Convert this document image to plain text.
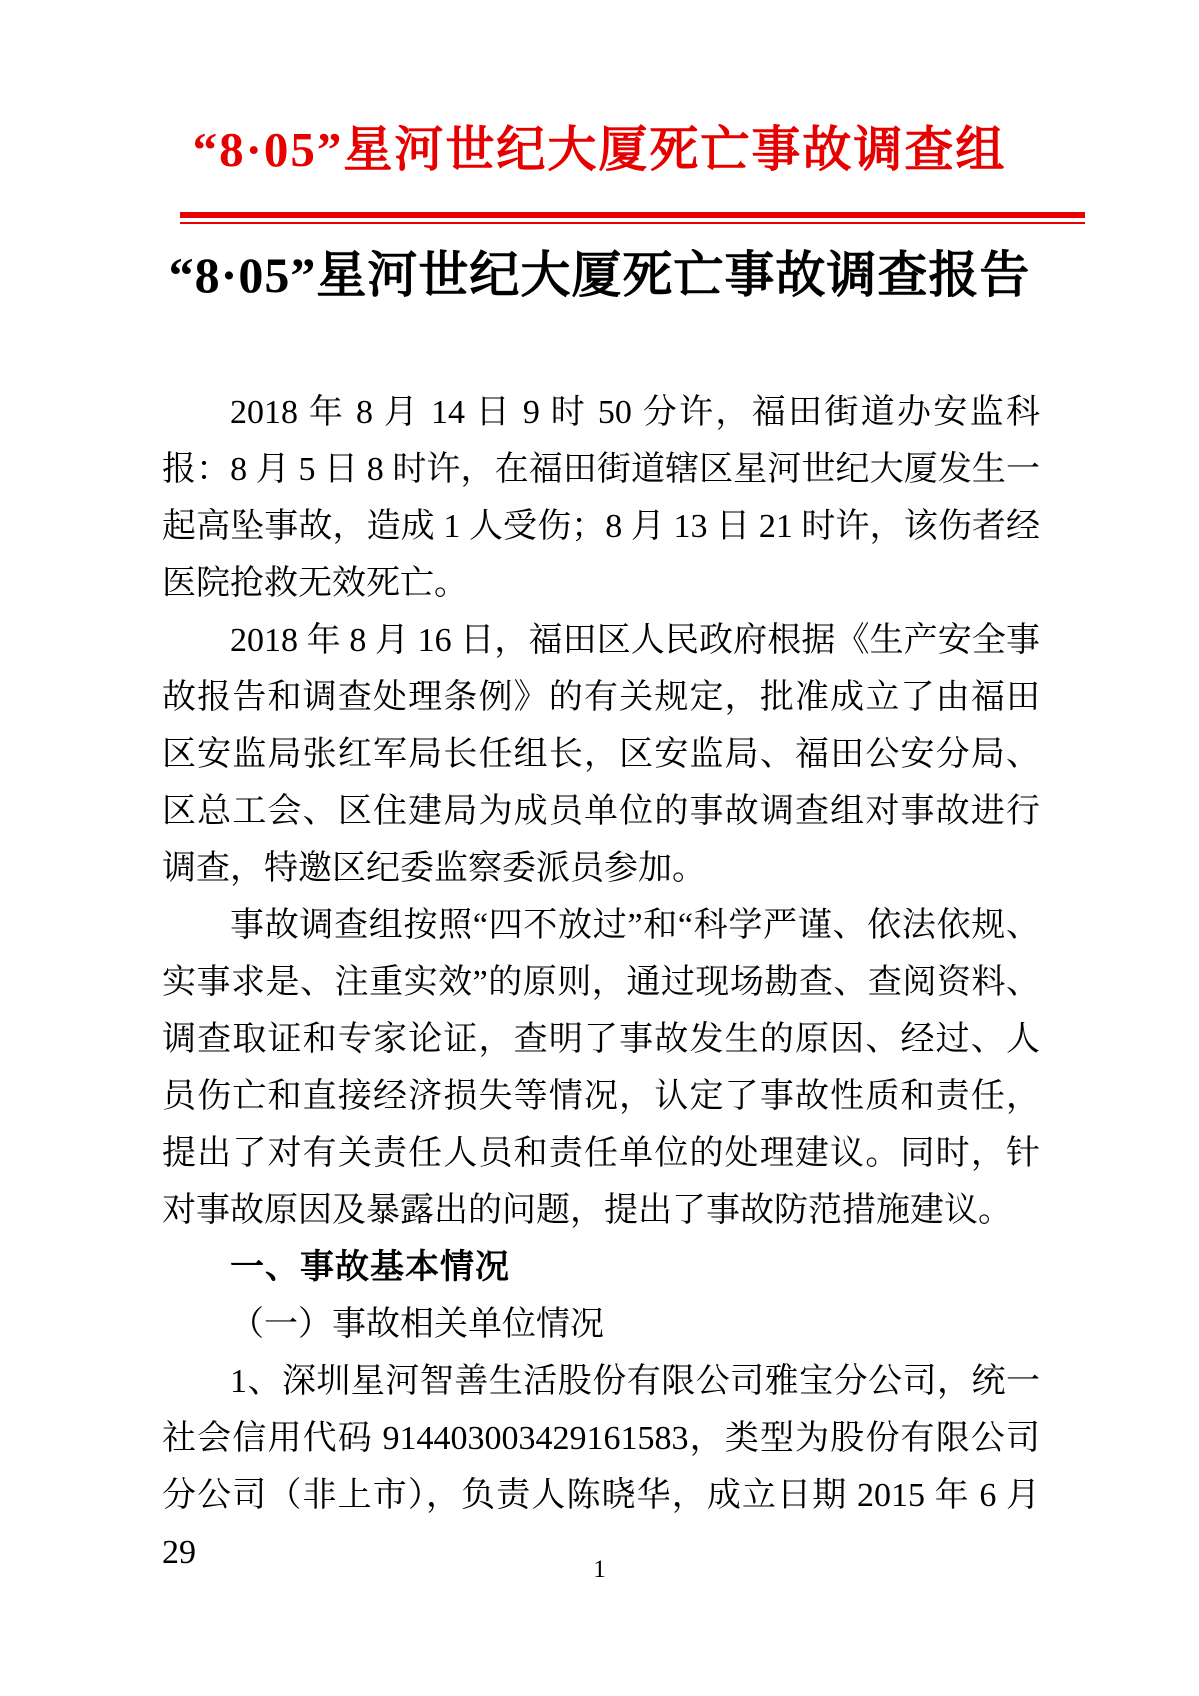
“8·05”星河世纪大厦死亡事故调查组
“8·05”星河世纪大厦死亡事故调查报告

2018 年 8 月 14 日 9 时 50 分许，福田街道办安监科报：8 月 5 日 8 时许，在福田街道辖区星河世纪大厦发生一起高坠事故，造成 1 人受伤；8 月 13 日 21 时许，该伤者经医院抢救无效死亡。

2018 年 8 月 16 日，福田区人民政府根据《生产安全事故报告和调查处理条例》的有关规定，批准成立了由福田区安监局张红军局长任组长，区安监局、福田公安分局、区总工会、区住建局为成员单位的事故调查组对事故进行调查，特邀区纪委监察委派员参加。

事故调查组按照“四不放过”和“科学严谨、依法依规、实事求是、注重实效”的原则，通过现场勘查、查阅资料、调查取证和专家论证，查明了事故发生的原因、经过、人员伤亡和直接经济损失等情况，认定了事故性质和责任，提出了对有关责任人员和责任单位的处理建议。同时，针对事故原因及暴露出的问题，提出了事故防范措施建议。

一、事故基本情况

（一）事故相关单位情况

1、深圳星河智善生活股份有限公司雅宝分公司，统一社会信用代码 914403003429161583，类型为股份有限公司分公司（非上市），负责人陈晓华，成立日期 2015 年 6 月 29	1
